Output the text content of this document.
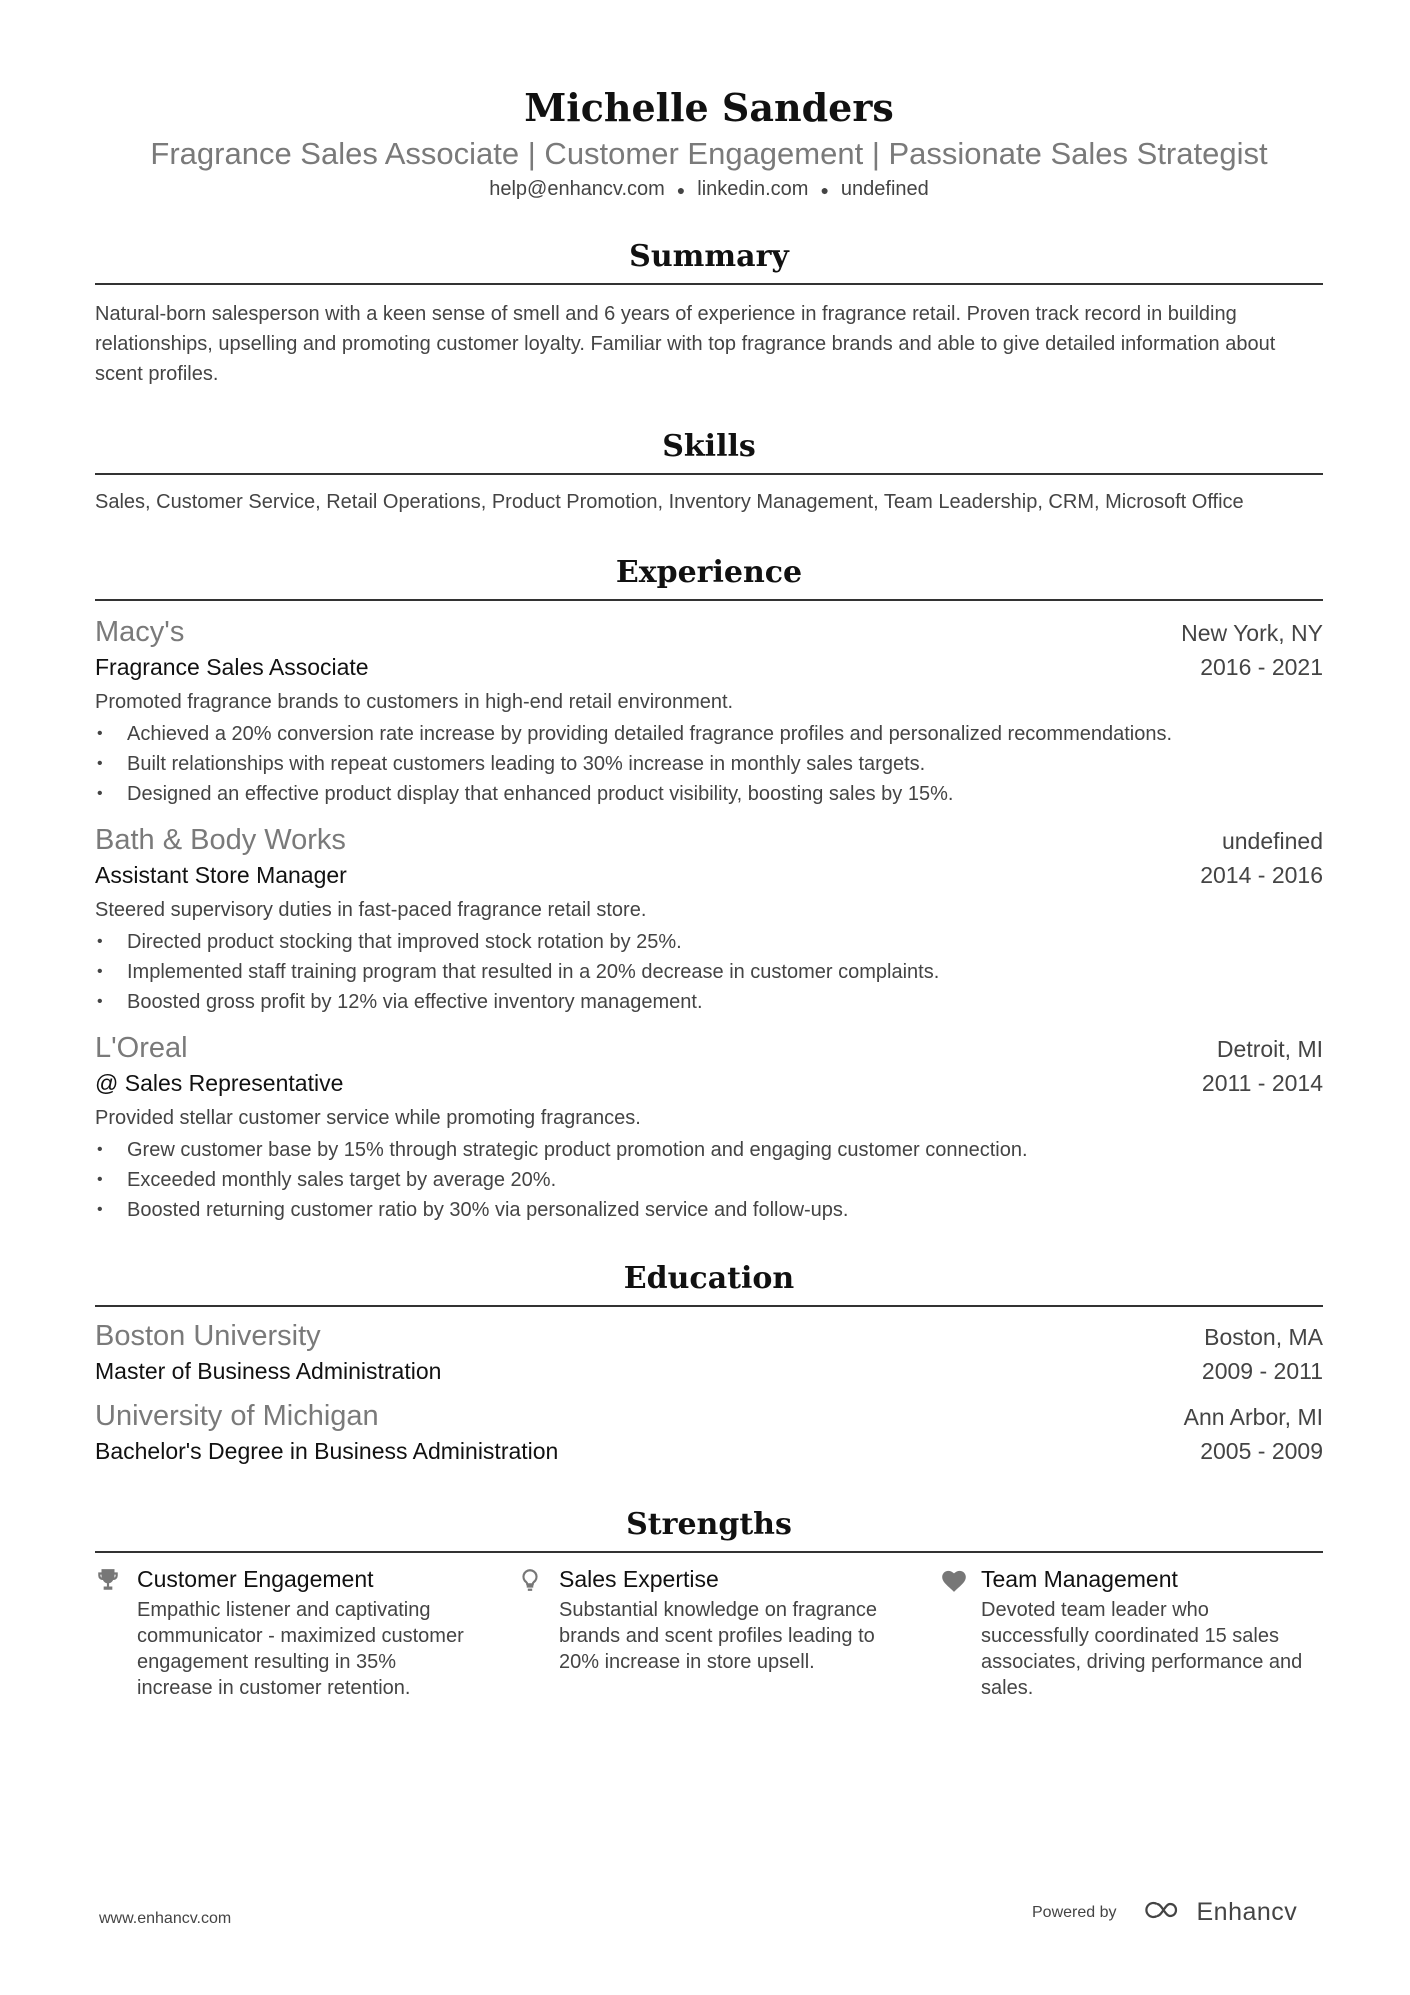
Michelle Sanders
Fragrance Sales Associate | Customer Engagement | Passionate Sales Strategist
help@enhancv.com ● linkedin.com ● undefined
Summary

Natural-born salesperson with a keen sense of smell and 6 years of experience in fragrance retail. Proven track record in building relationships, upselling and promoting customer loyalty. Familiar with top fragrance brands and able to give detailed information about scent profiles.

Skills

Sales, Customer Service, Retail Operations, Product Promotion, Inventory Management, Team Leadership, CRM, Microsoft Office

Experience
Macy's	New York, NY
Fragrance Sales Associate	2016 - 2021
Promoted fragrance brands to customers in high-end retail environment.
• Achieved a 20% conversion rate increase by providing detailed fragrance profiles and personalized recommendations.
• Built relationships with repeat customers leading to 30% increase in monthly sales targets.
• Designed an effective product display that enhanced product visibility, boosting sales by 15%.
Bath & Body Works	undefined
Assistant Store Manager	2014 - 2016
Steered supervisory duties in fast-paced fragrance retail store.
• Directed product stocking that improved stock rotation by 25%.
• Implemented staff training program that resulted in a 20% decrease in customer complaints.
• Boosted gross profit by 12% via effective inventory management.
L'Oreal	Detroit, MI
@ Sales Representative	2011 - 2014
Provided stellar customer service while promoting fragrances.
• Grew customer base by 15% through strategic product promotion and engaging customer connection.
• Exceeded monthly sales target by average 20%.
• Boosted returning customer ratio by 30% via personalized service and follow-ups.
Education
Boston University	Boston, MA
Master of Business Administration	2009 - 2011
University of Michigan	Ann Arbor, MI
Bachelor's Degree in Business Administration	2005 - 2009
Strengths
Customer Engagement
Empathic listener and captivating communicator - maximized customer engagement resulting in 35% increase in customer retention.
Sales Expertise
Substantial knowledge on fragrance brands and scent profiles leading to 20% increase in store upsell.
Team Management
Devoted team leader who successfully coordinated 15 sales associates, driving performance and sales.
www.enhancv.com	Powered by	Enhancv
